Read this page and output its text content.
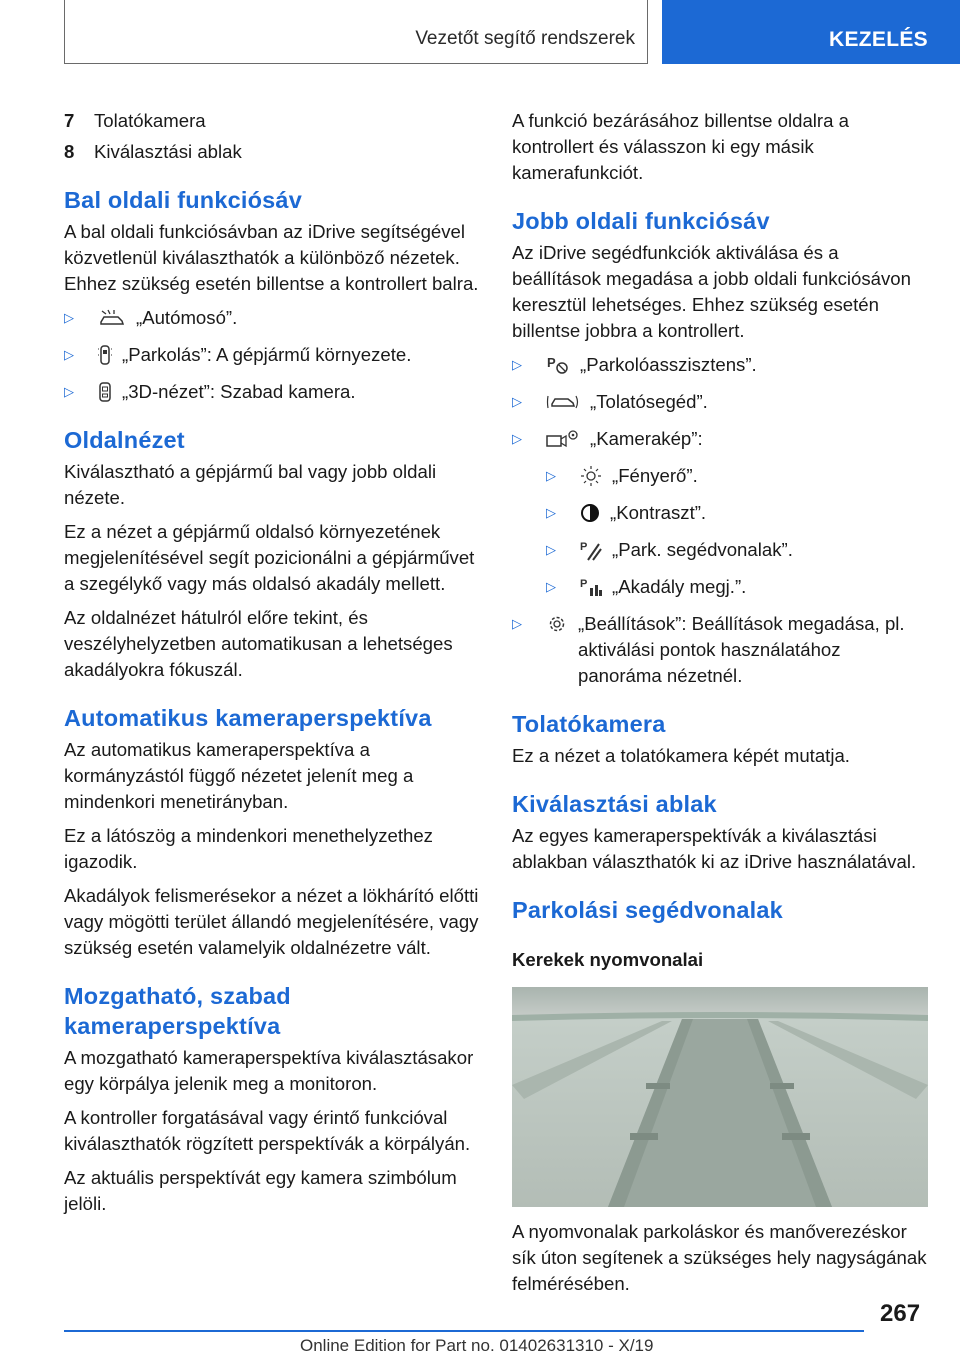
Vezetőt segítő rendszerek	KEZELÉS
7	Tolatókamera
8	Kiválasztási ablak
Bal oldali funkciósáv

A bal oldali funkciósávban az iDrive segítségével közvetlenül kiválaszthatók a különböző nézetek. Ehhez szükség esetén billentse a kontrollert balra.

▷	„Autómosó”.
▷	„Parkolás”: A gépjármű környezete.
▷	„3D-nézet”: Szabad kamera.
Oldalnézet

Kiválasztható a gépjármű bal vagy jobb oldali nézete.

Ez a nézet a gépjármű oldalsó környezetének megjelenítésével segít pozicionálni a gépjárművet a szegélykő vagy más oldalsó akadály mellett.

Az oldalnézet hátulról előre tekint, és veszélyhelyzetben automatikusan a lehetséges akadályokra fókuszál.

Automatikus kameraperspektíva

Az automatikus kameraperspektíva a kormányzástól függő nézetet jelenít meg a mindenkori menetirányban.

Ez a látószög a mindenkori menethelyzethez igazodik.

Akadályok felismerésekor a nézet a lökhárító előtti vagy mögötti terület állandó megjelenítésére, vagy szükség esetén valamelyik oldalnézetre vált.

Mozgatható, szabad kameraperspektíva

A mozgatható kameraperspektíva kiválasztásakor egy körpálya jelenik meg a monitoron.

A kontroller forgatásával vagy érintő funkcióval kiválaszthatók rögzített perspektívák a körpályán.

Az aktuális perspektívát egy kamera szimbólum jelöli.

A funkció bezárásához billentse oldalra a kontrollert és válasszon ki egy másik kamerafunkciót.

Jobb oldali funkciósáv

Az iDrive segédfunkciók aktiválása és a beállítások megadása a jobb oldali funkciósávon keresztül lehetséges. Ehhez szükség esetén billentse jobbra a kontrollert.

▷	P „Parkolóasszisztens”.
▷	„Tolatósegéd”.
▷	„Kamerakép”:
▷	„Fényerő”.
▷	„Kontraszt”.
▷	P „Park. segédvonalak”.
▷	P „Akadály megj.”.
▷	„Beállítások”: Beállítások megadása, pl. aktiválási pontok használatához panoráma nézetnél.
Tolatókamera

Ez a nézet a tolatókamera képét mutatja.

Kiválasztási ablak

Az egyes kameraperspektívák a kiválasztási ablakban választhatók ki az iDrive használatával.

Parkolási segédvonalak
Kerekek nyomvonalai

A nyomvonalak parkoláskor és manőverezéskor sík úton segítenek a szükséges hely nagyságának felmérésében.

267
Online Edition for Part no. 01402631310 - X/19
